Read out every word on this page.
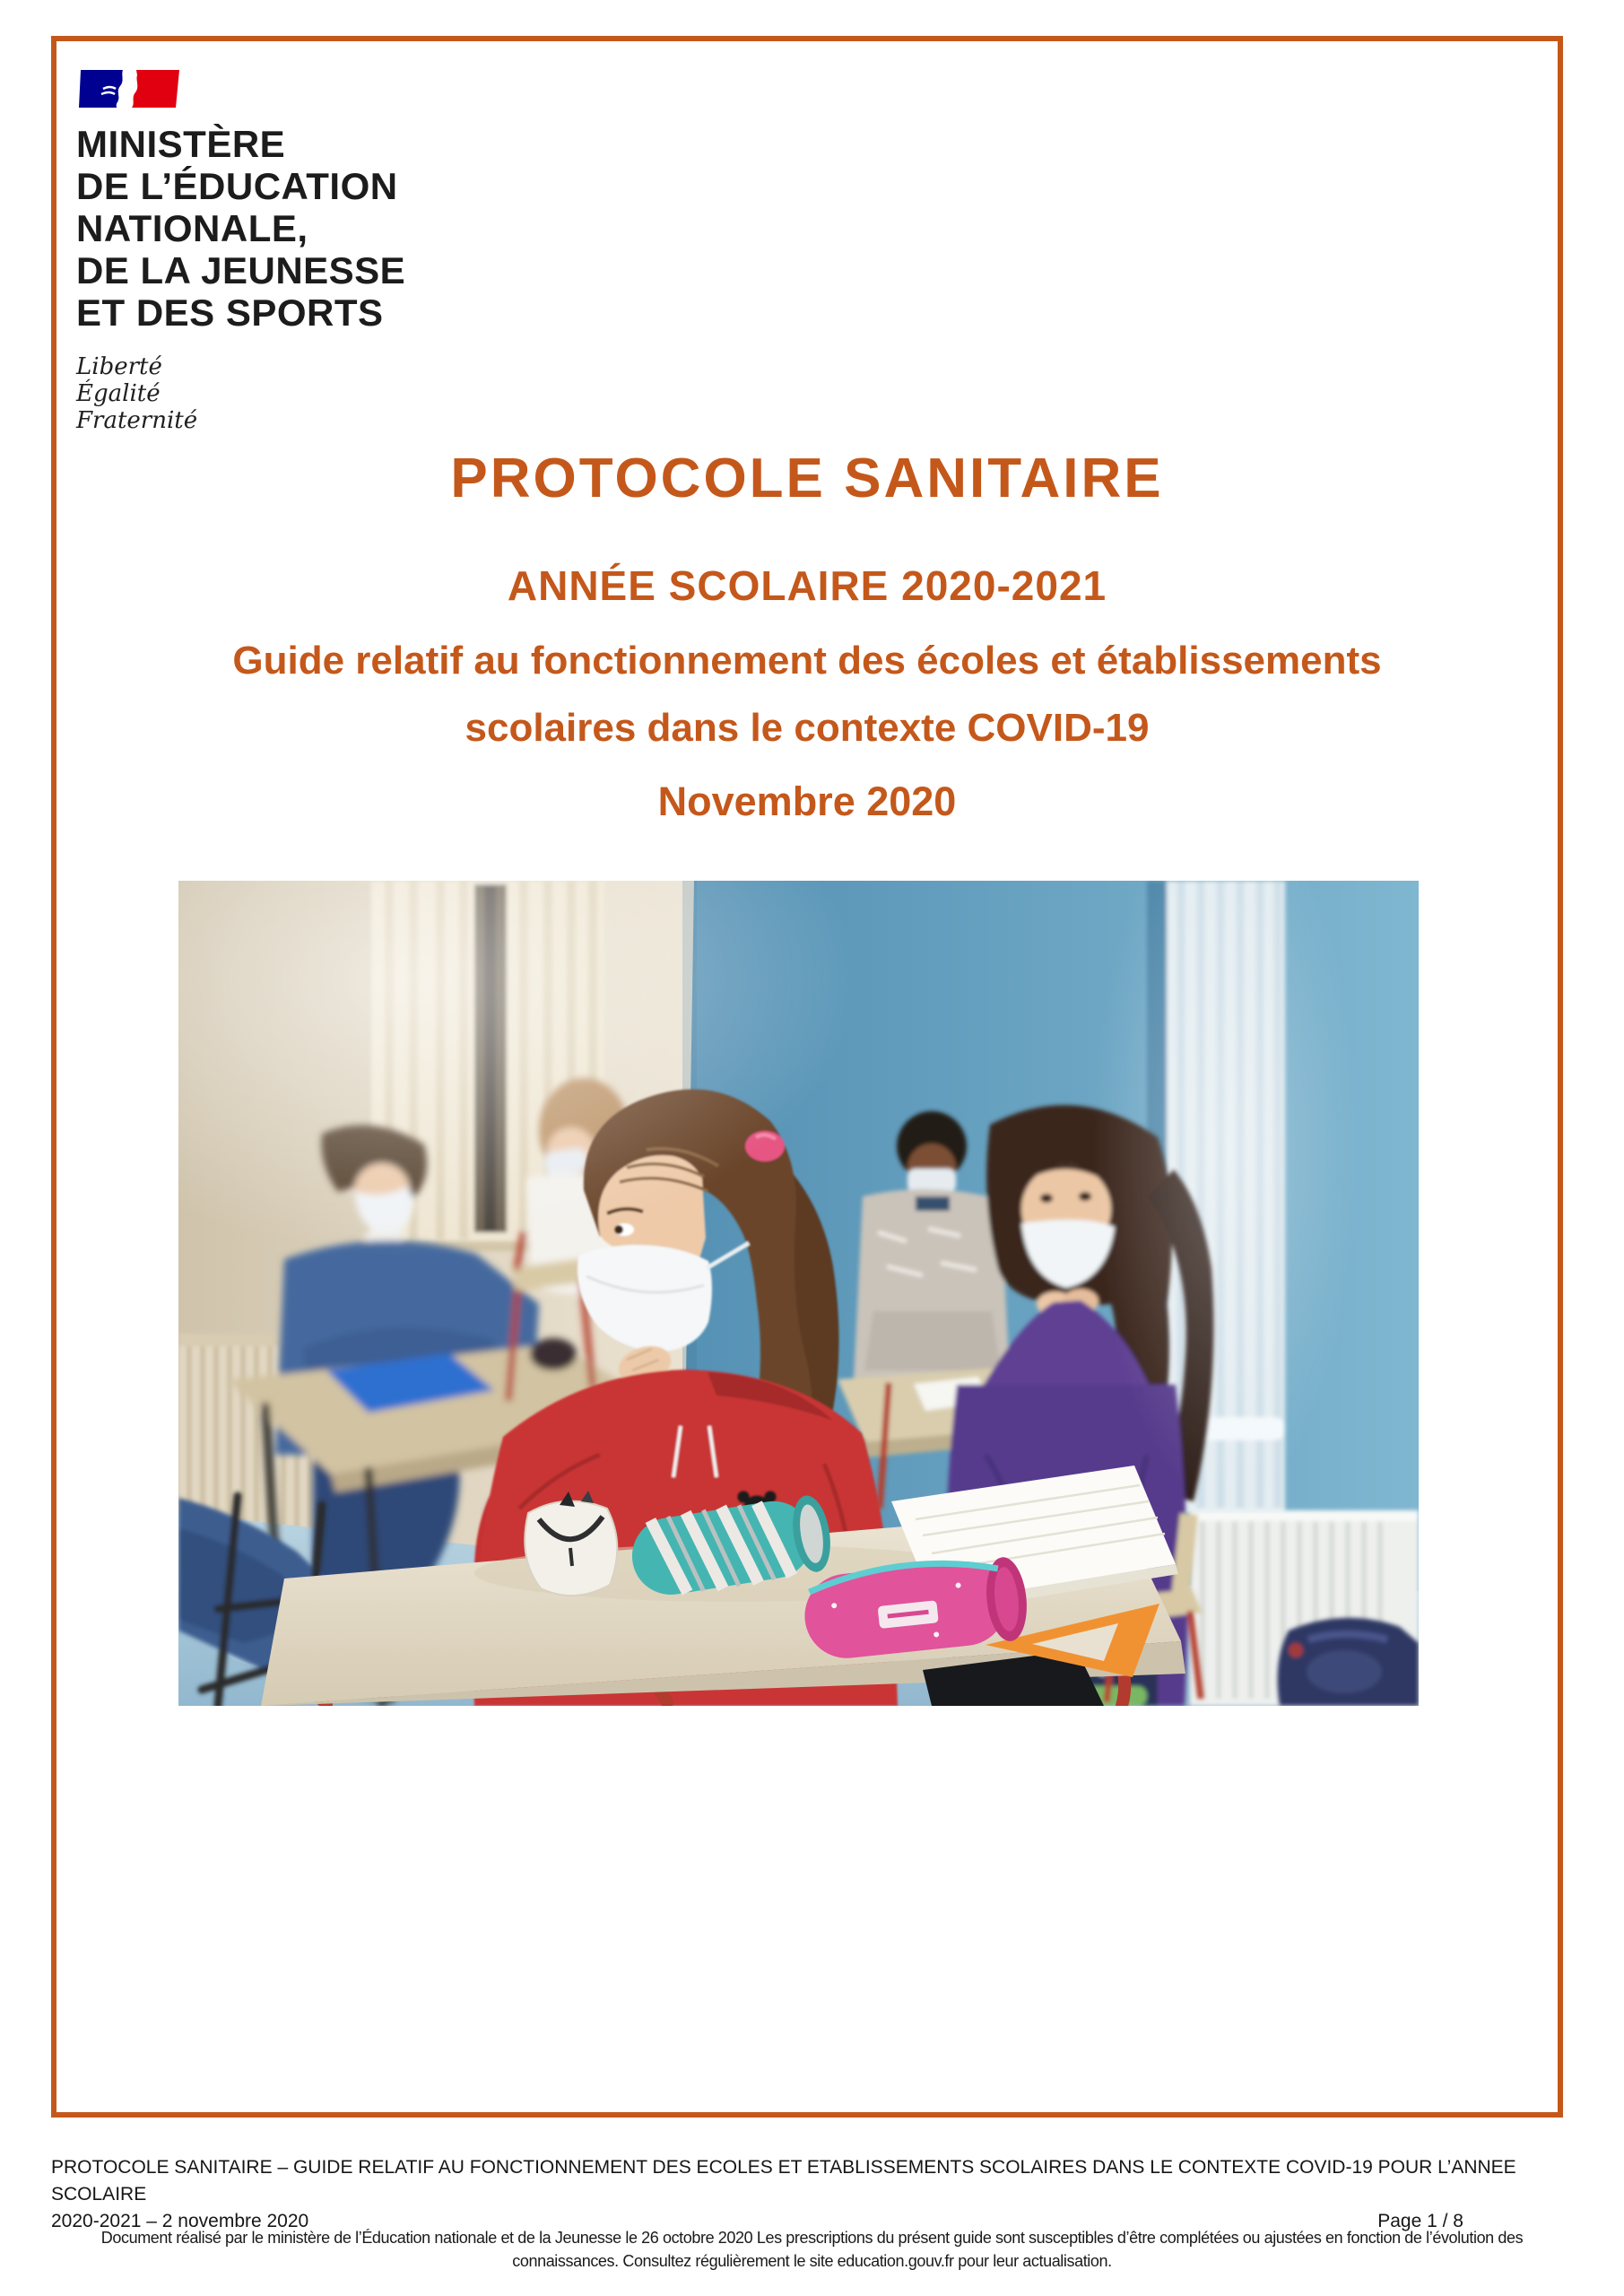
MINISTÈRE
DE L’ÉDUCATION
NATIONALE,
DE LA JEUNESSE
ET DES SPORTS
Liberté
Égalité
Fraternité
PROTOCOLE SANITAIRE
ANNÉE SCOLAIRE 2020-2021
Guide relatif au fonctionnement des écoles et établissements
scolaires dans le contexte COVID-19
Novembre 2020
PROTOCOLE SANITAIRE – GUIDE RELATIF AU FONCTIONNEMENT DES ECOLES ET ETABLISSEMENTS SCOLAIRES DANS LE CONTEXTE COVID-19 POUR L’ANNEE SCOLAIRE
2020-2021 – 2 novembre 2020	Page 1 / 8
Document réalisé par le ministère de l’Éducation nationale et de la Jeunesse le 26 octobre 2020 Les prescriptions du présent guide sont susceptibles d’être complétées ou ajustées en fonction de l’évolution des
connaissances. Consultez régulièrement le site education.gouv.fr pour leur actualisation.
